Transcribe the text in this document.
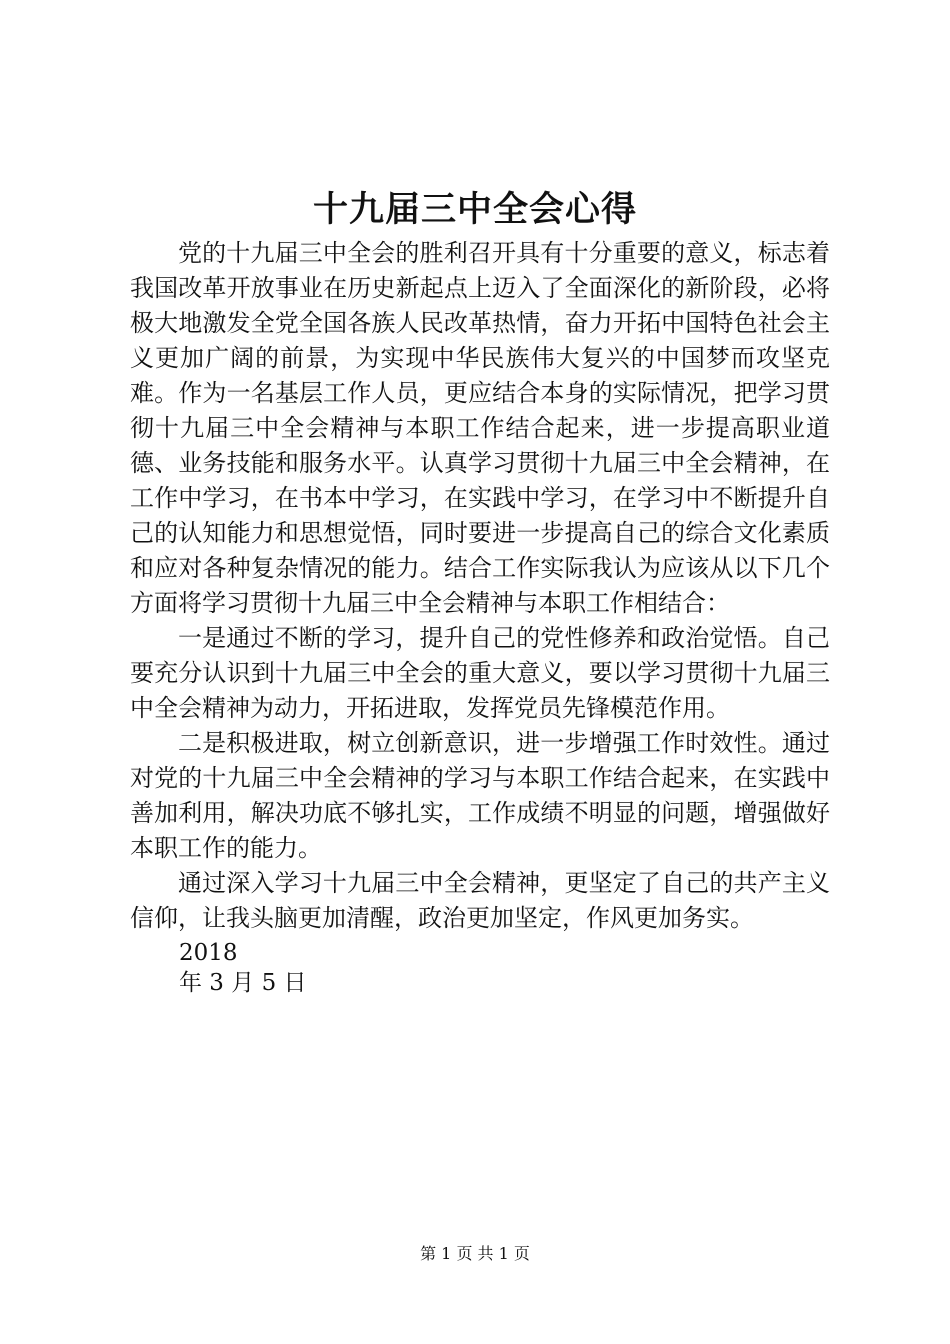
十九届三中全会心得

党的十九届三中全会的胜利召开具有十分重要的意义，标志着我国改革开放事业在历史新起点上迈入了全面深化的新阶段，必将极大地激发全党全国各族人民改革热情，奋力开拓中国特色社会主义更加广阔的前景，为实现中华民族伟大复兴的中国梦而攻坚克难。作为一名基层工作人员，更应结合本身的实际情况，把学习贯彻十九届三中全会精神与本职工作结合起来，进一步提高职业道德、业务技能和服务水平。认真学习贯彻十九届三中全会精神，在工作中学习，在书本中学习，在实践中学习，在学习中不断提升自己的认知能力和思想觉悟，同时要进一步提高自己的综合文化素质和应对各种复杂情况的能力。结合工作实际我认为应该从以下几个方面将学习贯彻十九届三中全会精神与本职工作相结合：

一是通过不断的学习，提升自己的党性修养和政治觉悟。自己要充分认识到十九届三中全会的重大意义，要以学习贯彻十九届三中全会精神为动力，开拓进取，发挥党员先锋模范作用。

二是积极进取，树立创新意识，进一步增强工作时效性。通过对党的十九届三中全会精神的学习与本职工作结合起来，在实践中善加利用，解决功底不够扎实，工作成绩不明显的问题，增强做好本职工作的能力。

通过深入学习十九届三中全会精神，更坚定了自己的共产主义信仰，让我头脑更加清醒，政治更加坚定，作风更加务实。

2018
年 3 月 5 日
第 1 页 共 1 页
